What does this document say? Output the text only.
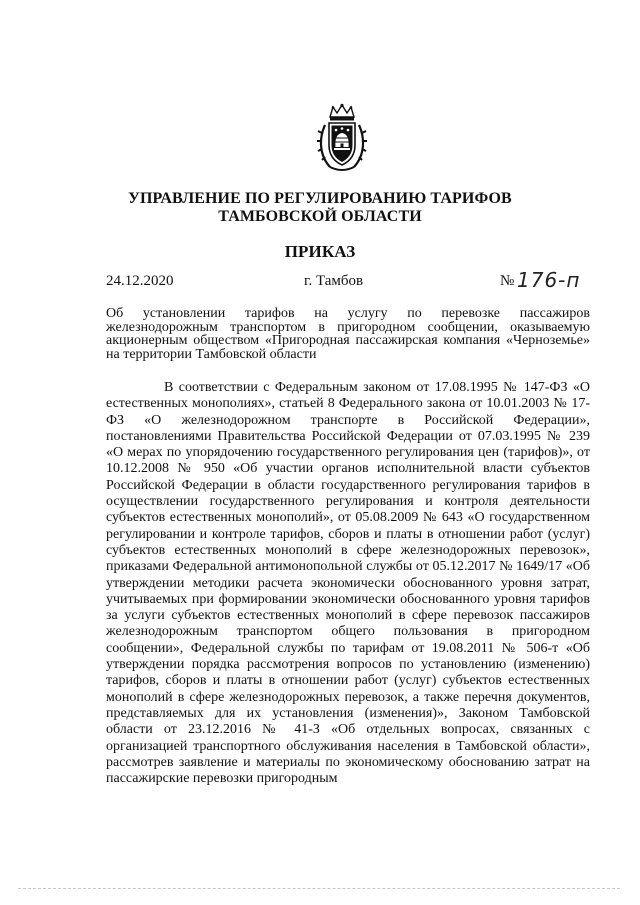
УПРАВЛЕНИЕ ПО РЕГУЛИРОВАНИЮ ТАРИФОВ
ТАМБОВСКОЙ ОБЛАСТИ
ПРИКАЗ
24.12.2020	г. Тамбов	№ 176-п
Об установлении тарифов на услугу по перевозке пассажиров железнодорожным транспортом в пригородном сообщении, оказываемую акционерным обществом «Пригородная пассажирская компания «Черноземье» на территории Тамбовской области
В соответствии с Федеральным законом от 17.08.1995 № 147-ФЗ «О естественных монополиях», статьей 8 Федерального закона от 10.01.2003 № 17-ФЗ «О железнодорожном транспорте в Российской Федерации», постановлениями Правительства Российской Федерации от 07.03.1995 № 239 «О мерах по упорядочению государственного регулирования цен (тарифов)», от 10.12.2008 № 950 «Об участии органов исполнительной власти субъектов Российской Федерации в области государственного регулирования тарифов в осуществлении государственного регулирования и контроля деятельности субъектов естественных монополий», от 05.08.2009 № 643 «О государственном регулировании и контроле тарифов, сборов и платы в отношении работ (услуг) субъектов естественных монополий в сфере железнодорожных перевозок», приказами Федеральной антимонопольной службы от 05.12.2017 № 1649/17 «Об утверждении методики расчета экономически обоснованного уровня затрат, учитываемых при формировании экономически обоснованного уровня тарифов за услуги субъектов естественных монополий в сфере перевозок пассажиров железнодорожным транспортом общего пользования в пригородном сообщении», Федеральной службы по тарифам от 19.08.2011 № 506-т «Об утверждении порядка рассмотрения вопросов по установлению (изменению) тарифов, сборов и платы в отношении работ (услуг) субъектов естественных монополий в сфере железнодорожных перевозок, а также перечня документов, представляемых для их установления (изменения)», Законом Тамбовской области от 23.12.2016 № 41-З «Об отдельных вопросах, связанных с организацией транспортного обслуживания населения в Тамбовской области», рассмотрев заявление и материалы по экономическому обоснованию затрат на пассажирские перевозки пригородным
